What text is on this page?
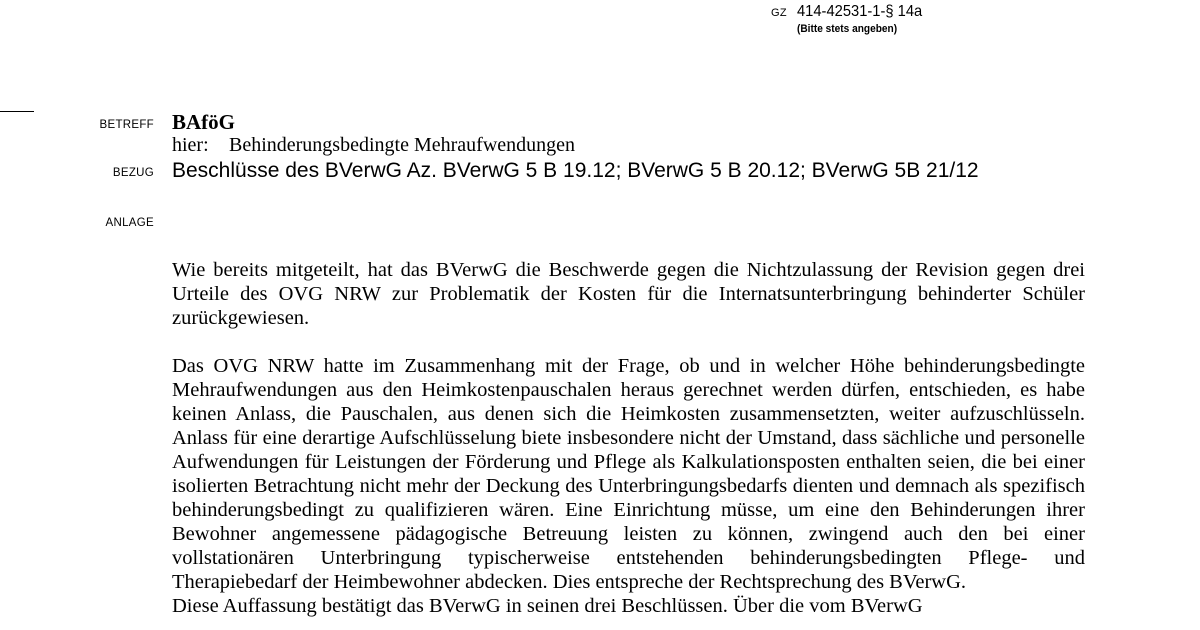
GZ 414-42531-1-§ 14a
(Bitte stets angeben)
BETREFF BAföG
hier: Behinderungsbedingte Mehraufwendungen
BEZUG Beschlüsse des BVerwG Az. BVerwG 5 B 19.12; BVerwG 5 B 20.12; BVerwG 5B 21/12
ANLAGE
Wie bereits mitgeteilt, hat das BVerwG die Beschwerde gegen die Nichtzulassung der Revision gegen drei Urteile des OVG NRW zur Problematik der Kosten für die Internatsunterbringung behinderter Schüler zurückgewiesen.
Das OVG NRW hatte im Zusammenhang mit der Frage, ob und in welcher Höhe behinderungsbedingte Mehraufwendungen aus den Heimkostenpauschalen heraus gerechnet werden dürfen, entschieden, es habe keinen Anlass, die Pauschalen, aus denen sich die Heimkosten zusammensetzten, weiter aufzuschlüsseln. Anlass für eine derartige Aufschlüsselung biete insbesondere nicht der Umstand, dass sächliche und personelle Aufwendungen für Leistungen der Förderung und Pflege als Kalkulationsposten enthalten seien, die bei einer isolierten Betrachtung nicht mehr der Deckung des Unterbringungsbedarfs dienten und demnach als spezifisch behinderungsbedingt zu qualifizieren wären. Eine Einrichtung müsse, um eine den Behinderungen ihrer Bewohner angemessene pädagogische Betreuung leisten zu können, zwingend auch den bei einer vollstationären Unterbringung typischerweise entstehenden behinderungsbedingten Pflege- und Therapiebedarf der Heimbewohner abdecken. Dies entspreche der Rechtsprechung des BVerwG.
Diese Auffassung bestätigt das BVerwG in seinen drei Beschlüssen. Über die vom BVerwG
